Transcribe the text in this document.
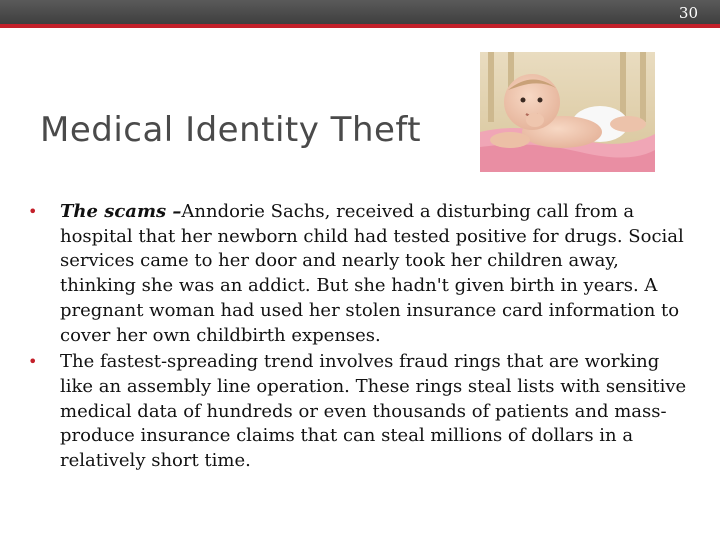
30
Medical Identity Theft
• The scams –Anndorie Sachs, received a disturbing call from a hospital that her newborn child had tested positive for drugs. Social services came to her door and nearly took her children away, thinking she was an addict. But she hadn't given birth in years. A pregnant woman had used her stolen insurance card information to cover her own childbirth expenses.
• The fastest-spreading trend involves fraud rings that are working like an assembly line operation. These rings steal lists with sensitive medical data of hundreds or even thousands of patients and mass-produce insurance claims that can steal millions of dollars in a relatively short time.
